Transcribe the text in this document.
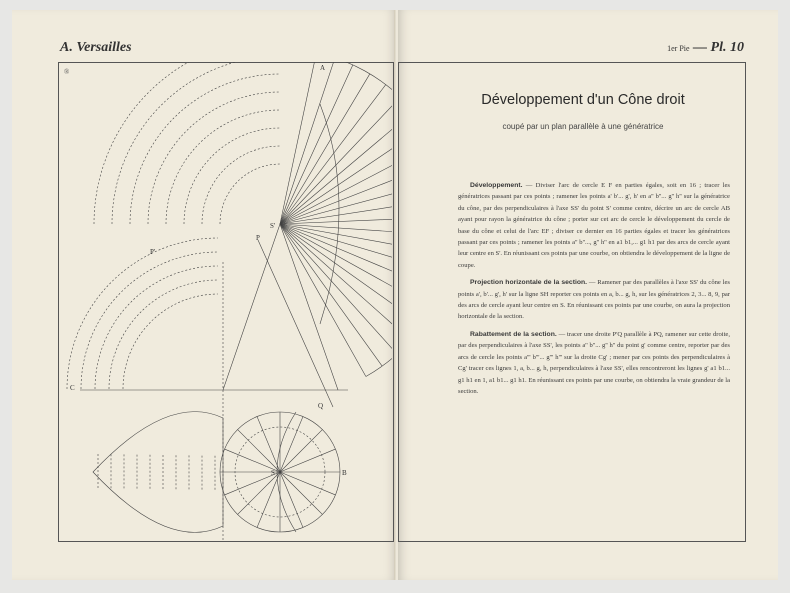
A. Versailles
®	A
S'
S
P'
P
Q
C
B
1er Pie — Pl. 10
Développement d'un Cône droit
coupé par un plan parallèle à une génératrice

Développement. — Diviser l'arc de cercle E F en parties égales, soit en 16 ; tracer les génératrices passant par ces points ; ramener les points a' b'... g', h' en a'' b''... g'' h'' sur la génératrice du cône, par des perpendiculaires à l'axe SS' du point S' comme centre, décrire un arc de cercle AB ayant pour rayon la génératrice du cône ; porter sur cet arc de cercle le développement du cercle de base du cône et celui de l'arc EF ; diviser ce dernier en 16 parties égales et tracer les génératrices passant par ces points ; ramener les points a'' b''..., g'' h'' en a1 b1,... g1 h1 par des arcs de cercle ayant leur centre en S'. En réunissant ces points par une courbe, on obtiendra le développement de la ligne de coupe.

Projection horizontale de la section. — Ramener par des parallèles à l'axe SS' du cône les points a', b'... g', h' sur la ligne SH reporter ces points en a, b... g, h, sur les génératrices 2, 3... 8, 9, par des arcs de cercle ayant leur centre en S. En réunissant ces points par une courbe, on aura la projection horizontale de la section.

Rabattement de la section. — tracer une droite P'Q parallèle à PQ, ramener sur cette droite, par des perpendiculaires à l'axe SS', les points a'' b''... g'' h'' du point g' comme centre, reporter par des arcs de cercle les points a''' b'''... g''' h''' sur la droite Cg' ; mener par ces points des perpendiculaires à Cg' tracer ces lignes 1, a, b... g, h, perpendiculaires à l'axe SS', elles rencontreront les lignes g' a1 b1... g1 h1 en 1, a1 b1... g1 h1. En réunissant ces points par une courbe, on obtiendra la vraie grandeur de la section.
